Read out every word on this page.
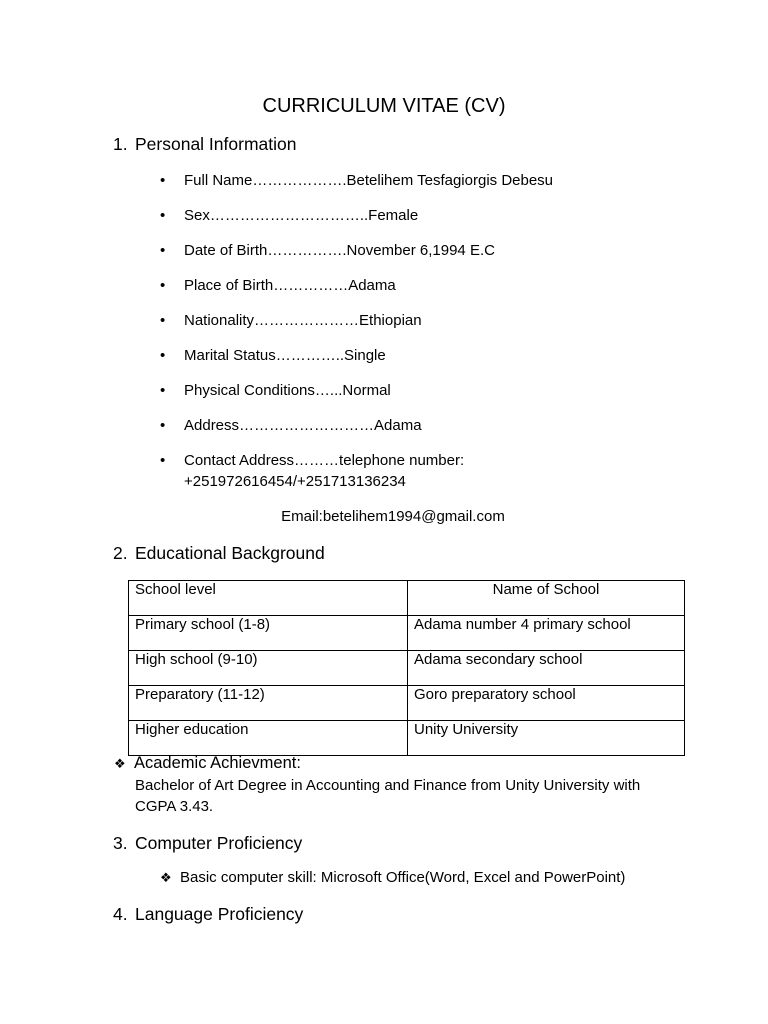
CURRICULUM VITAE (CV)
1. Personal Information
• Full Name……………….Betelihem Tesfagiorgis Debesu
• Sex…………………………..Female
• Date of Birth…………….November 6,1994 E.C
• Place of Birth……………Adama
• Nationality…………………Ethiopian
• Marital Status…………..Single
• Physical Conditions…...Normal
• Address………………………Adama
• Contact Address………telephone number:
+251972616454/+251713136234
Email:betelihem1994@gmail.com
2. Educational Background
School level	Name of School
Primary school (1-8)	Adama number 4 primary school
High school (9-10)	Adama secondary school
Preparatory (11-12)	Goro preparatory school
Higher education	Unity University
❖ Academic Achievment:
Bachelor of Art Degree in Accounting and Finance from Unity University with
CGPA 3.43.
3. Computer Proficiency
❖ Basic computer skill: Microsoft Office(Word, Excel and PowerPoint)
4. Language Proficiency
